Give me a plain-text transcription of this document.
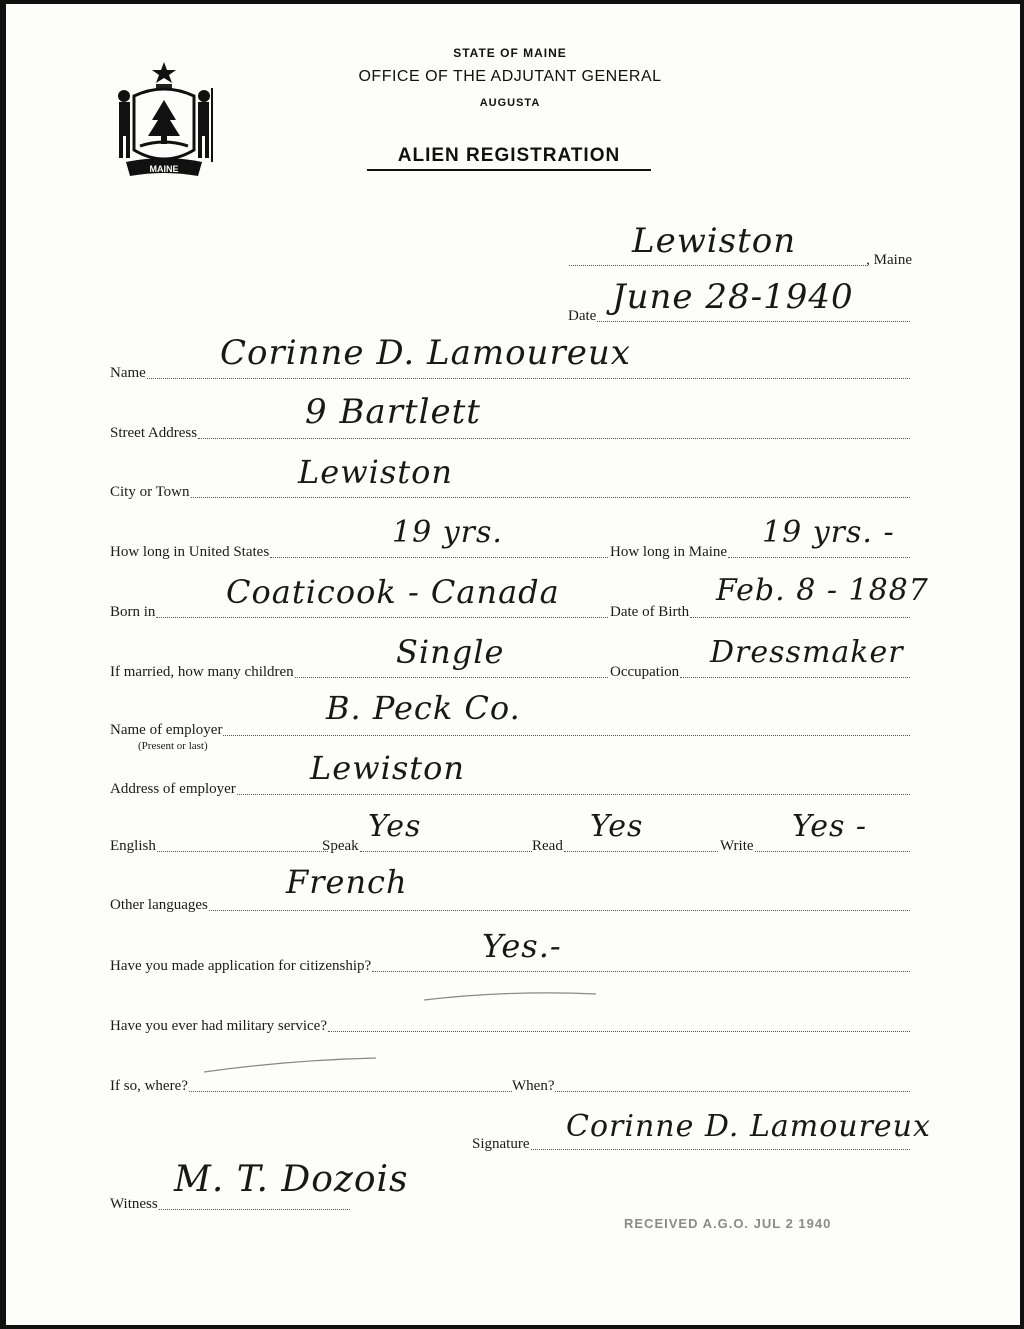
MAINE
STATE OF MAINE
OFFICE OF THE ADJUTANT GENERAL
AUGUSTA
ALIEN REGISTRATION
, Maine
Lewiston
Date June 28-1940
Name Corinne D. Lamoureux
Street Address
9 Bartlett
City or Town
Lewiston
How long in United States
19 yrs.
How long in Maine
19 yrs. -
Born in
Coaticook - Canada
Date of Birth
Feb. 8 - 1887
If married, how many children
Single
Occupation
Dressmaker
Name of employer
(Present or last)
B. Peck Co.
Address of employer
Lewiston
English	Speak
Yes
Read
Yes
Write
Yes -
Other languages
French
Have you made application for citizenship?
Yes.-
Have you ever had military service?
If so, where?	When?
Signature Corinne D. Lamoureux
Witness
M. T. Dozois
RECEIVED A.G.O. JUL 2 1940
